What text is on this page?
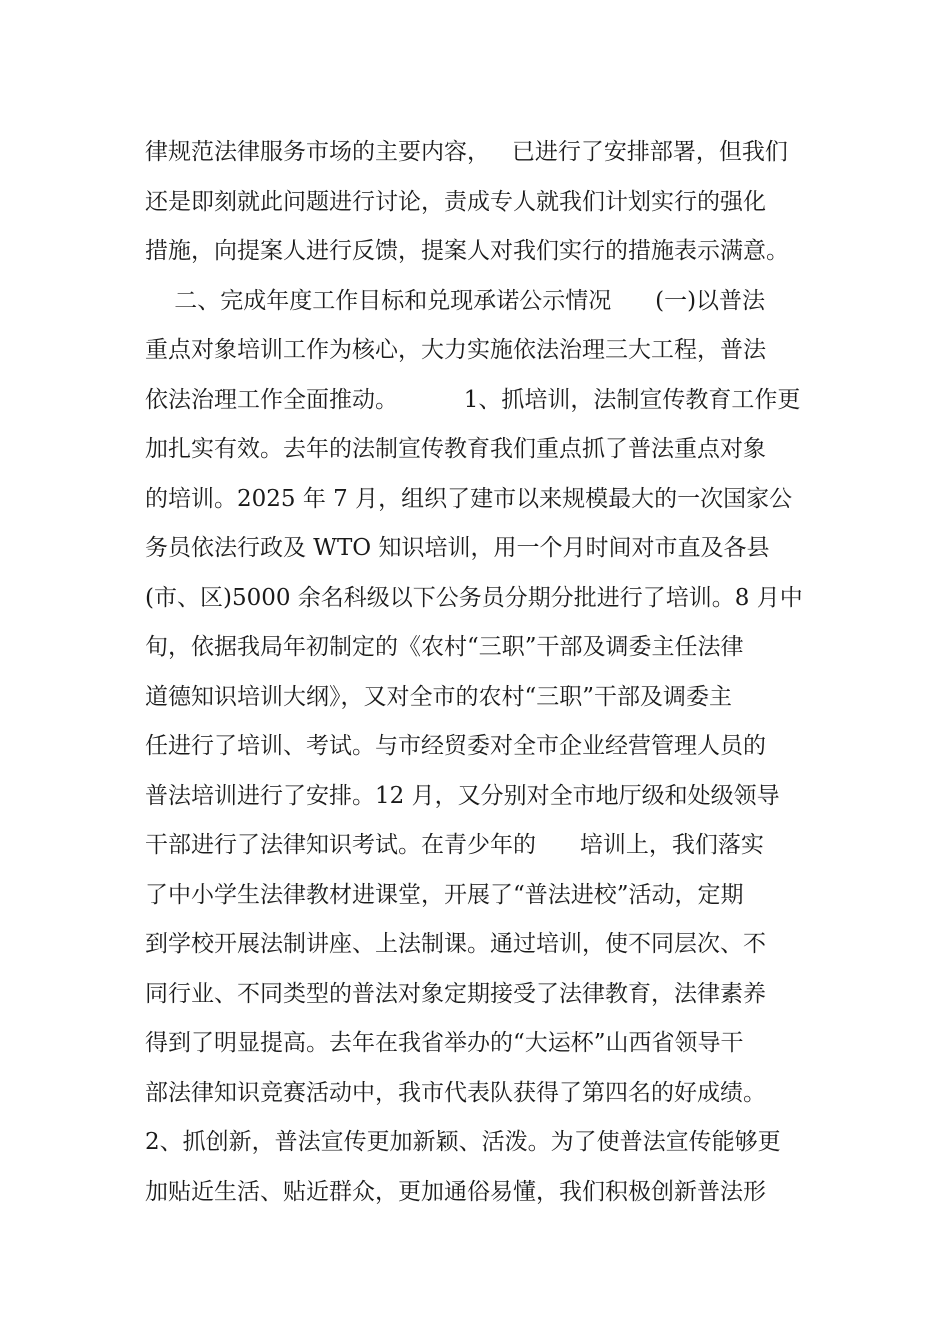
律规范法律服务市场的主要内容，   已进行了安排部署，但我们
还是即刻就此问题进行讨论，责成专人就我们计划实行的强化
措施，向提案人进行反馈，提案人对我们实行的措施表示满意。
二、完成年度工作目标和兑现承诺公示情况      (一)以普法
重点对象培训工作为核心，大力实施依法治理三大工程，普法
依法治理工作全面推动。         1、抓培训，法制宣传教育工作更
加扎实有效。去年的法制宣传教育我们重点抓了普法重点对象
的培训。2025 年 7 月，组织了建市以来规模最大的一次国家公
务员依法行政及 WTO 知识培训，用一个月时间对市直及各县
(市、区)5000 余名科级以下公务员分期分批进行了培训。8 月中
旬，依据我局年初制定的《农村“三职”干部及调委主任法律
道德知识培训大纲》，又对全市的农村“三职”干部及调委主
任进行了培训、考试。与市经贸委对全市企业经营管理人员的
普法培训进行了安排。12 月，又分别对全市地厅级和处级领导
干部进行了法律知识考试。在青少年的      培训上，我们落实
了中小学生法律教材进课堂，开展了“普法进校”活动，定期
到学校开展法制讲座、上法制课。通过培训，使不同层次、不
同行业、不同类型的普法对象定期接受了法律教育，法律素养
得到了明显提高。去年在我省举办的“大运杯”山西省领导干
部法律知识竞赛活动中，我市代表队获得了第四名的好成绩。
2、抓创新，普法宣传更加新颖、活泼。为了使普法宣传能够更
加贴近生活、贴近群众，更加通俗易懂，我们积极创新普法形
